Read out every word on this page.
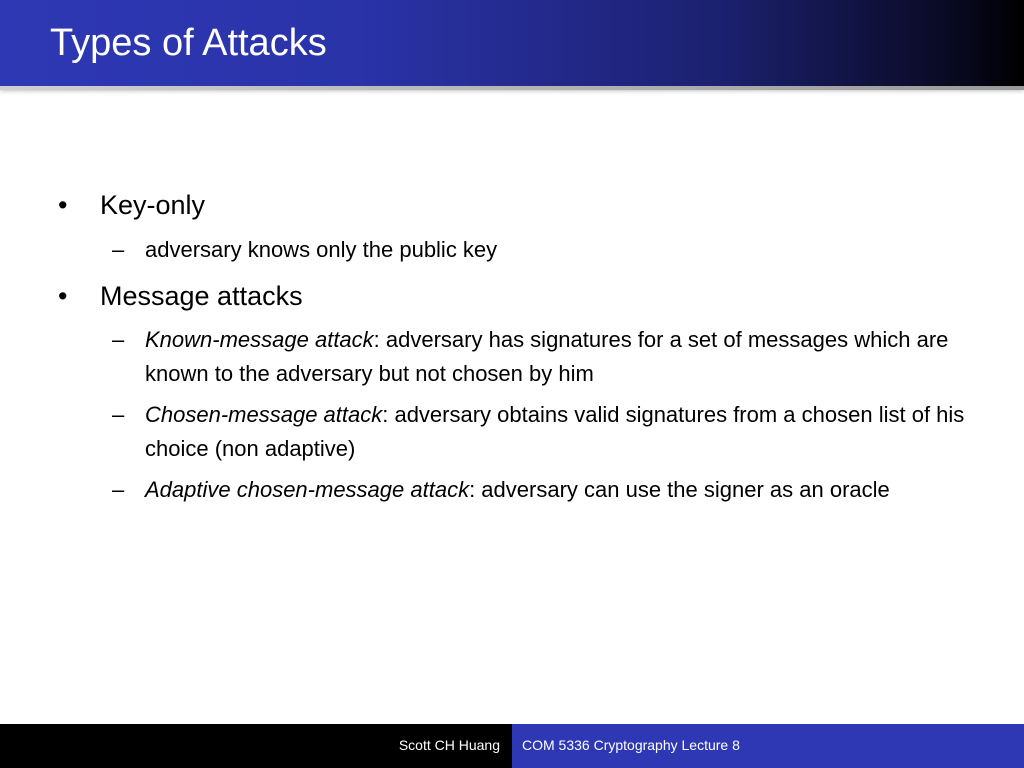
Types of Attacks
• Key-only
– adversary knows only the public key
• Message attacks
– Known-message attack: adversary has signatures for a set of messages which are known to the adversary but not chosen by him
– Chosen-message attack: adversary obtains valid signatures from a chosen list of his choice (non adaptive)
– Adaptive chosen-message attack: adversary can use the signer as an oracle
Scott CH Huang COM 5336 Cryptography Lecture 8
